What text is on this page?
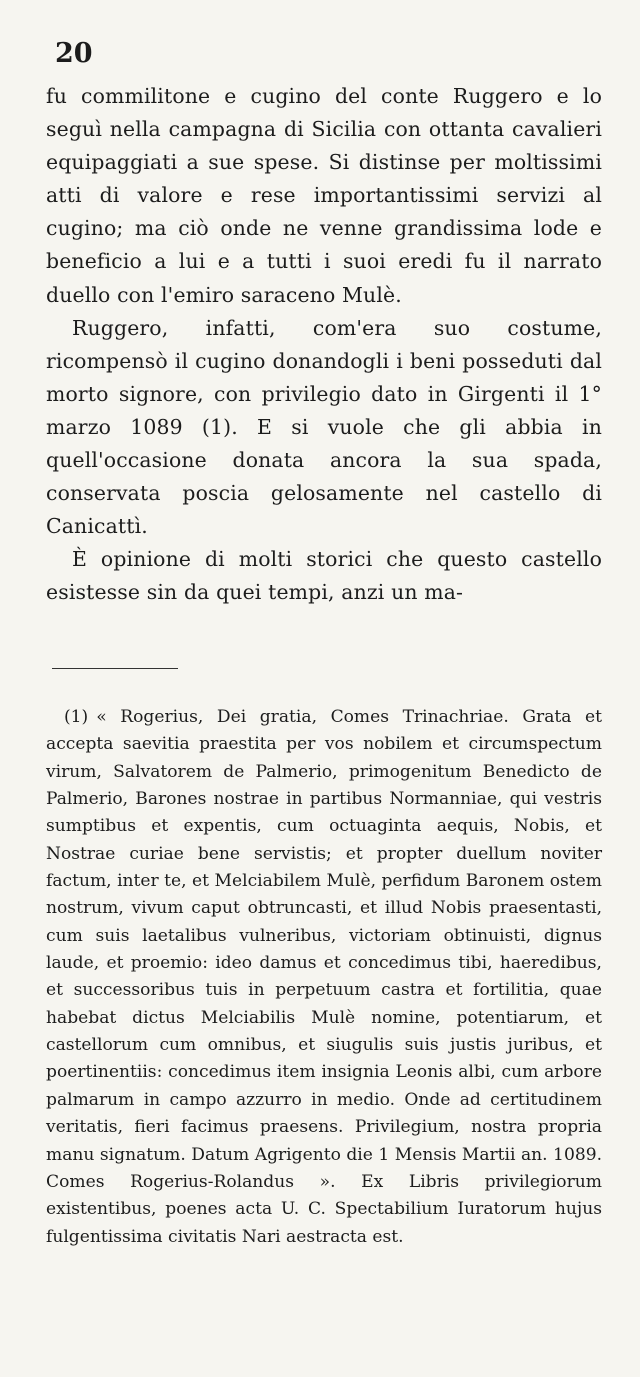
20

fu commilitone e cugino del conte Ruggero e lo seguì nella campagna di Sicilia con ottanta cavalieri equipaggiati a sue spese. Si distinse per moltissimi atti di valore e rese importantissimi servizi al cugino; ma ciò onde ne venne grandissima lode e beneficio a lui e a tutti i suoi eredi fu il narrato duello con l'emiro saraceno Mulè.

Ruggero, infatti, com'era suo costume, ricompensò il cugino donandogli i beni posseduti dal morto signore, con privilegio dato in Girgenti il 1° marzo 1089 (1). E si vuole che gli abbia in quell'occasione donata ancora la sua spada, conservata poscia gelosamente nel castello di Canicattì.

È opinione di molti storici che questo castello esistesse sin da quei tempi, anzi un ma-

(1) « Rogerius, Dei gratia, Comes Trinachriae. Grata et accepta saevitia praestita per vos nobilem et circumspectum virum, Salvatorem de Palmerio, primogenitum Benedicto de Palmerio, Barones nostrae in partibus Normanniae, qui vestris sumptibus et expentis, cum octuaginta aequis, Nobis, et Nostrae curiae bene servistis; et propter duellum noviter factum, inter te, et Melciabilem Mulè, perfidum Baronem ostem nostrum, vivum caput obtruncasti, et illud Nobis praesentasti, cum suis laetalibus vulneribus, victoriam obtinuisti, dignus laude, et proemio: ideo damus et concedimus tibi, haeredibus, et successoribus tuis in perpetuum castra et fortilitia, quae habebat dictus Melciabilis Mulè nomine, potentiarum, et castellorum cum omnibus, et siugulis suis justis juribus, et poertinentiis: concedimus item insignia Leonis albi, cum arbore palmarum in campo azzurro in medio. Onde ad certitudinem veritatis, fieri facimus praesens. Privilegium, nostra propria manu signatum. Datum Agrigento die 1 Mensis Martii an. 1089. Comes Rogerius-Rolandus ». Ex Libris privilegiorum existentibus, poenes acta U. C. Spectabilium Iuratorum hujus fulgentissima civitatis Nari aestracta est.
